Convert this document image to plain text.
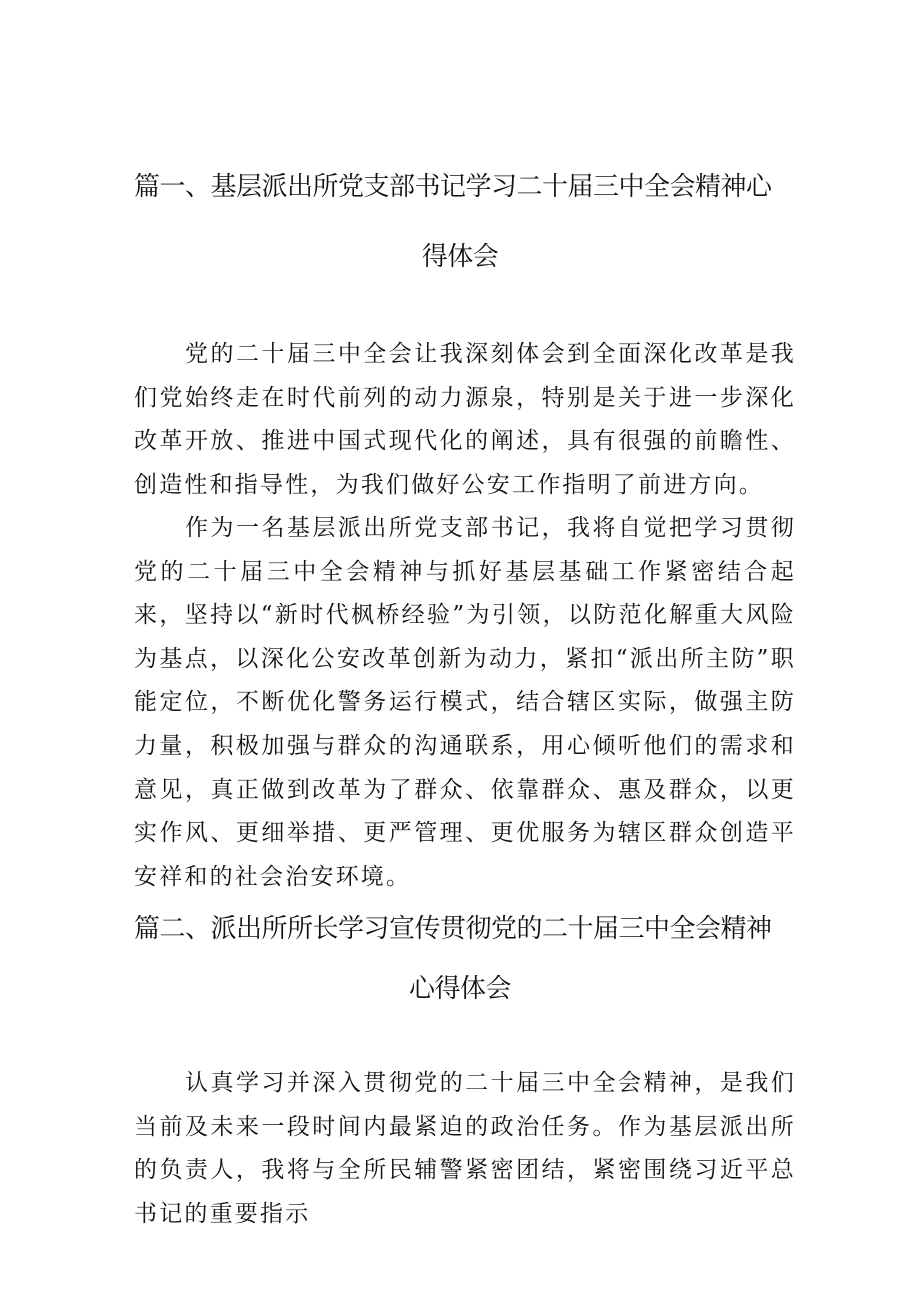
篇一、基层派出所党支部书记学习二十届三中全会精神心
得体会

党的二十届三中全会让我深刻体会到全面深化改革是我们党始终走在时代前列的动力源泉，特别是关于进一步深化改革开放、推进中国式现代化的阐述，具有很强的前瞻性、创造性和指导性，为我们做好公安工作指明了前进方向。

作为一名基层派出所党支部书记，我将自觉把学习贯彻党的二十届三中全会精神与抓好基层基础工作紧密结合起来，坚持以“新时代枫桥经验”为引领，以防范化解重大风险为基点，以深化公安改革创新为动力，紧扣“派出所主防”职能定位，不断优化警务运行模式，结合辖区实际，做强主防力量，积极加强与群众的沟通联系，用心倾听他们的需求和意见，真正做到改革为了群众、依靠群众、惠及群众，以更实作风、更细举措、更严管理、更优服务为辖区群众创造平安祥和的社会治安环境。

篇二、派出所所长学习宣传贯彻党的二十届三中全会精神
心得体会

认真学习并深入贯彻党的二十届三中全会精神，是我们当前及未来一段时间内最紧迫的政治任务。作为基层派出所的负责人，我将与全所民辅警紧密团结，紧密围绕习近平总书记的重要指示
